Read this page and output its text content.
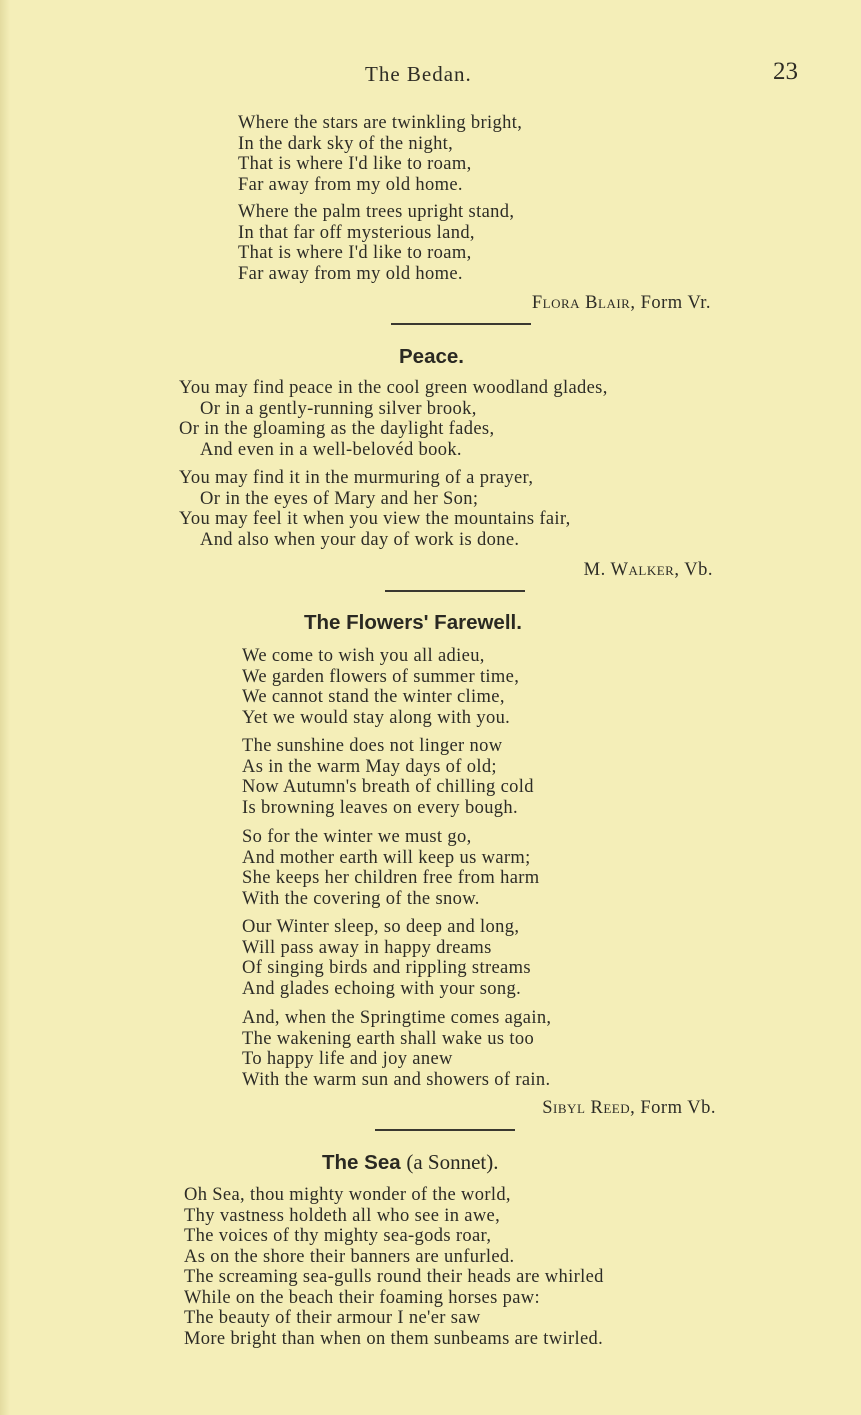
The Bedan.	23
Where the stars are twinkling bright,
In the dark sky of the night,
That is where I'd like to roam,
Far away from my old home.
Where the palm trees upright stand,
In that far off mysterious land,
That is where I'd like to roam,
Far away from my old home.
Flora Blair, Form Vr.
Peace.
You may find peace in the cool green woodland glades,
Or in a gently-running silver brook,
Or in the gloaming as the daylight fades,
And even in a well-belovéd book.
You may find it in the murmuring of a prayer,
Or in the eyes of Mary and her Son;
You may feel it when you view the mountains fair,
And also when your day of work is done.
M. Walker, Vb.
The Flowers' Farewell.
We come to wish you all adieu,
We garden flowers of summer time,
We cannot stand the winter clime,
Yet we would stay along with you.
The sunshine does not linger now
As in the warm May days of old;
Now Autumn's breath of chilling cold
Is browning leaves on every bough.
So for the winter we must go,
And mother earth will keep us warm;
She keeps her children free from harm
With the covering of the snow.
Our Winter sleep, so deep and long,
Will pass away in happy dreams
Of singing birds and rippling streams
And glades echoing with your song.
And, when the Springtime comes again,
The wakening earth shall wake us too
To happy life and joy anew
With the warm sun and showers of rain.
Sibyl Reed, Form Vb.
The Sea (a Sonnet).
Oh Sea, thou mighty wonder of the world,
Thy vastness holdeth all who see in awe,
The voices of thy mighty sea-gods roar,
As on the shore their banners are unfurled.
The screaming sea-gulls round their heads are whirled
While on the beach their foaming horses paw:
The beauty of their armour I ne'er saw
More bright than when on them sunbeams are twirled.
